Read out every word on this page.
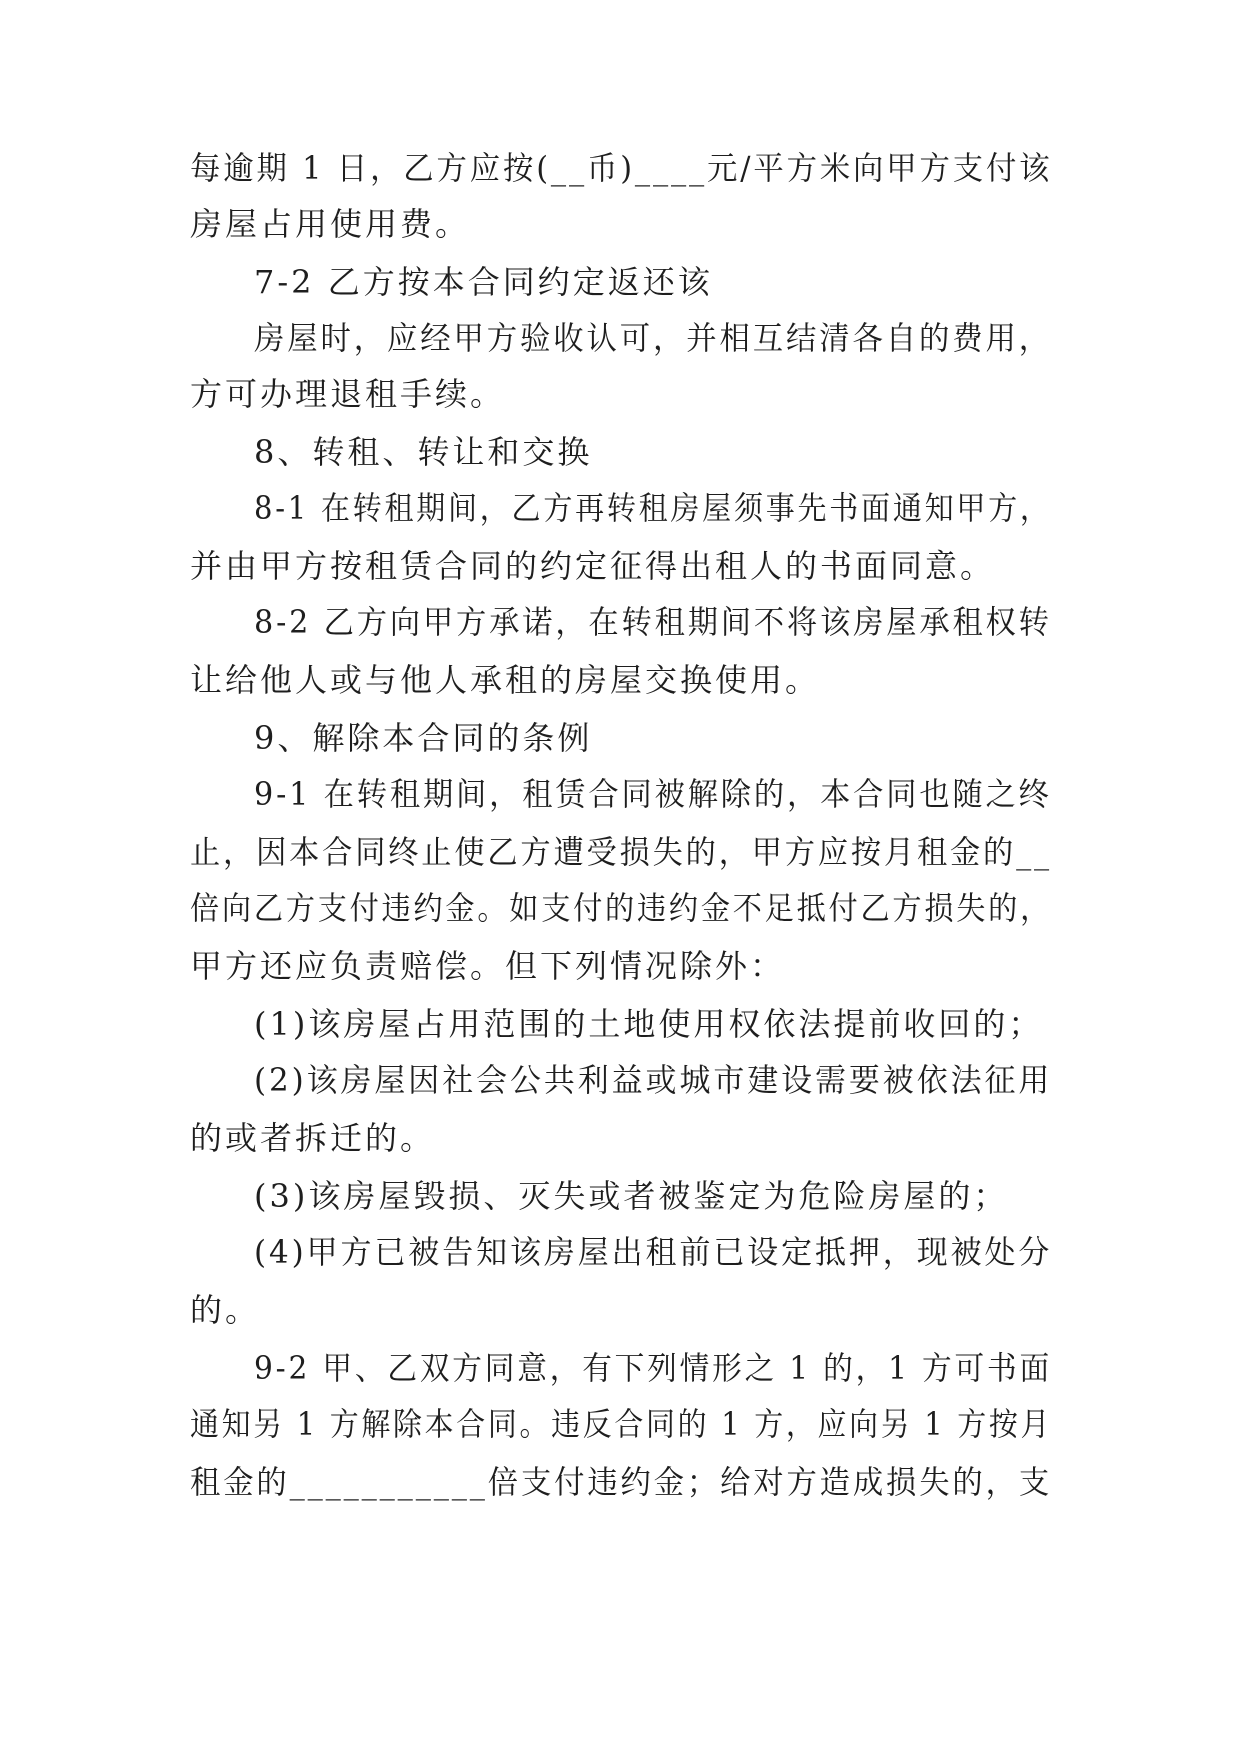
每逾期 1 日，乙方应按(__币)____元/平方米向甲方支付该
房屋占用使用费。
7-2 乙方按本合同约定返还该
房屋时，应经甲方验收认可，并相互结清各自的费用，
方可办理退租手续。
8、转租、转让和交换
8-1 在转租期间，乙方再转租房屋须事先书面通知甲方，
并由甲方按租赁合同的约定征得出租人的书面同意。
8-2 乙方向甲方承诺，在转租期间不将该房屋承租权转
让给他人或与他人承租的房屋交换使用。
9、解除本合同的条例
9-1 在转租期间，租赁合同被解除的，本合同也随之终
止，因本合同终止使乙方遭受损失的，甲方应按月租金的__
倍向乙方支付违约金。如支付的违约金不足抵付乙方损失的，
甲方还应负责赔偿。但下列情况除外：
(1)该房屋占用范围的土地使用权依法提前收回的；
(2)该房屋因社会公共利益或城市建设需要被依法征用
的或者拆迁的。
(3)该房屋毁损、灭失或者被鉴定为危险房屋的；
(4)甲方已被告知该房屋出租前已设定抵押，现被处分
的。
9-2 甲、乙双方同意，有下列情形之 1 的，1 方可书面
通知另 1 方解除本合同。违反合同的 1 方，应向另 1 方按月
租金的___________倍支付违约金；给对方造成损失的，支
